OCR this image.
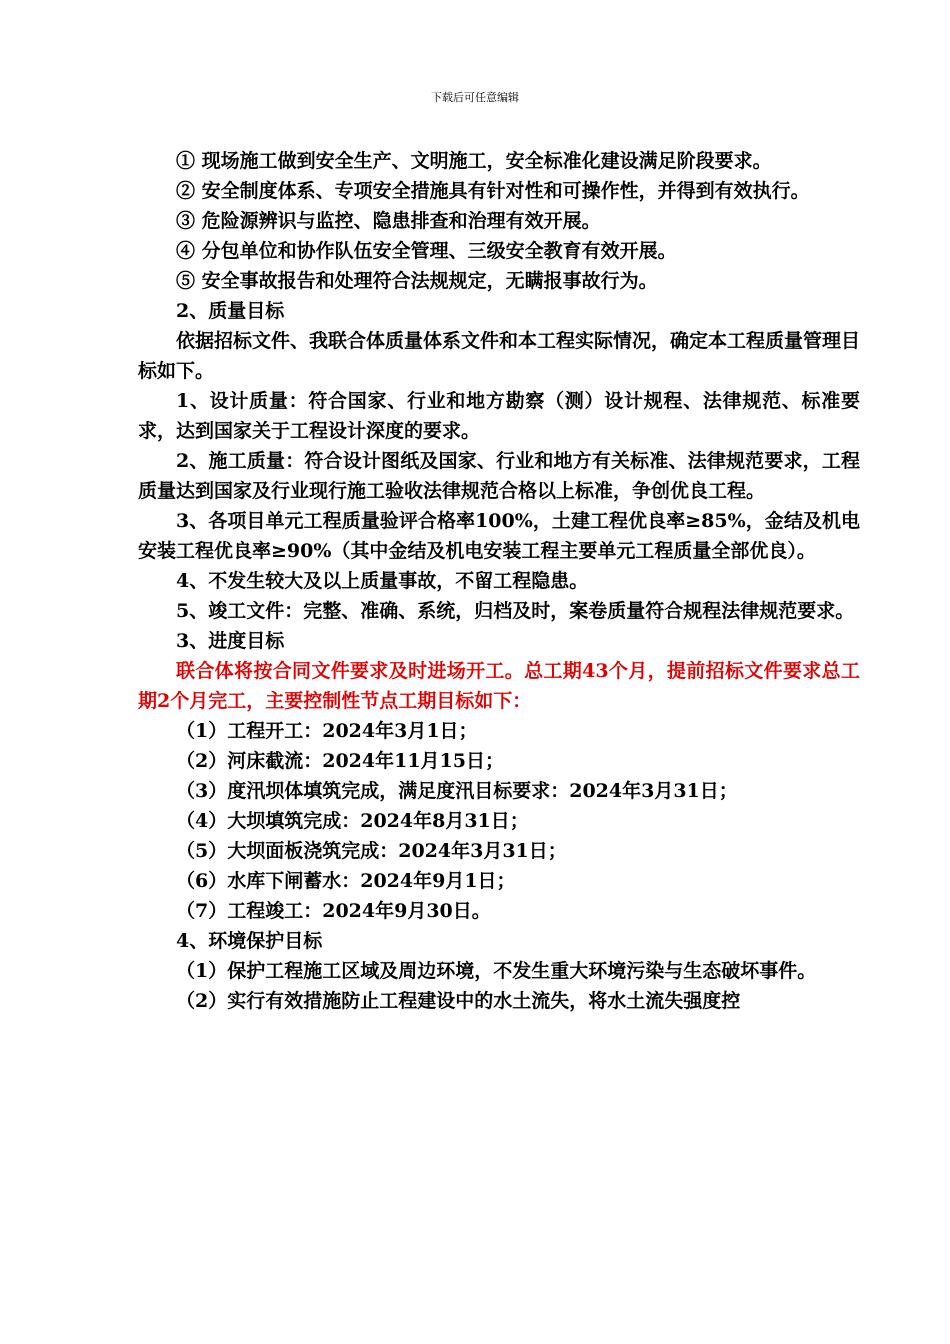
下载后可任意编辑

① 现场施工做到安全生产、文明施工，安全标准化建设满足阶段要求。

② 安全制度体系、专项安全措施具有针对性和可操作性，并得到有效执行。

③ 危险源辨识与监控、隐患排查和治理有效开展。

④ 分包单位和协作队伍安全管理、三级安全教育有效开展。

⑤ 安全事故报告和处理符合法规规定，无瞒报事故行为。

2、质量目标

依据招标文件、我联合体质量体系文件和本工程实际情况，确定本工程质量管理目标如下。

1、设计质量：符合国家、行业和地方勘察（测）设计规程、法律规范、标准要求，达到国家关于工程设计深度的要求。

2、施工质量：符合设计图纸及国家、行业和地方有关标准、法律规范要求，工程质量达到国家及行业现行施工验收法律规范合格以上标准，争创优良工程。

3、各项目单元工程质量验评合格率100%，土建工程优良率≥85%，金结及机电安装工程优良率≥90%（其中金结及机电安装工程主要单元工程质量全部优良）。

4、不发生较大及以上质量事故，不留工程隐患。

5、竣工文件：完整、准确、系统，归档及时，案卷质量符合规程法律规范要求。

3、进度目标

联合体将按合同文件要求及时进场开工。总工期43个月，提前招标文件要求总工期2个月完工，主要控制性节点工期目标如下：

（1）工程开工：2024年3月1日；

（2）河床截流：2024年11月15日；

（3）度汛坝体填筑完成，满足度汛目标要求：2024年3月31日；

（4）大坝填筑完成：2024年8月31日；

（5）大坝面板浇筑完成：2024年3月31日；

（6）水库下闸蓄水：2024年9月1日；

（7）工程竣工：2024年9月30日。

4、环境保护目标

（1）保护工程施工区域及周边环境，不发生重大环境污染与生态破坏事件。

（2）实行有效措施防止工程建设中的水土流失，将水土流失强度控
